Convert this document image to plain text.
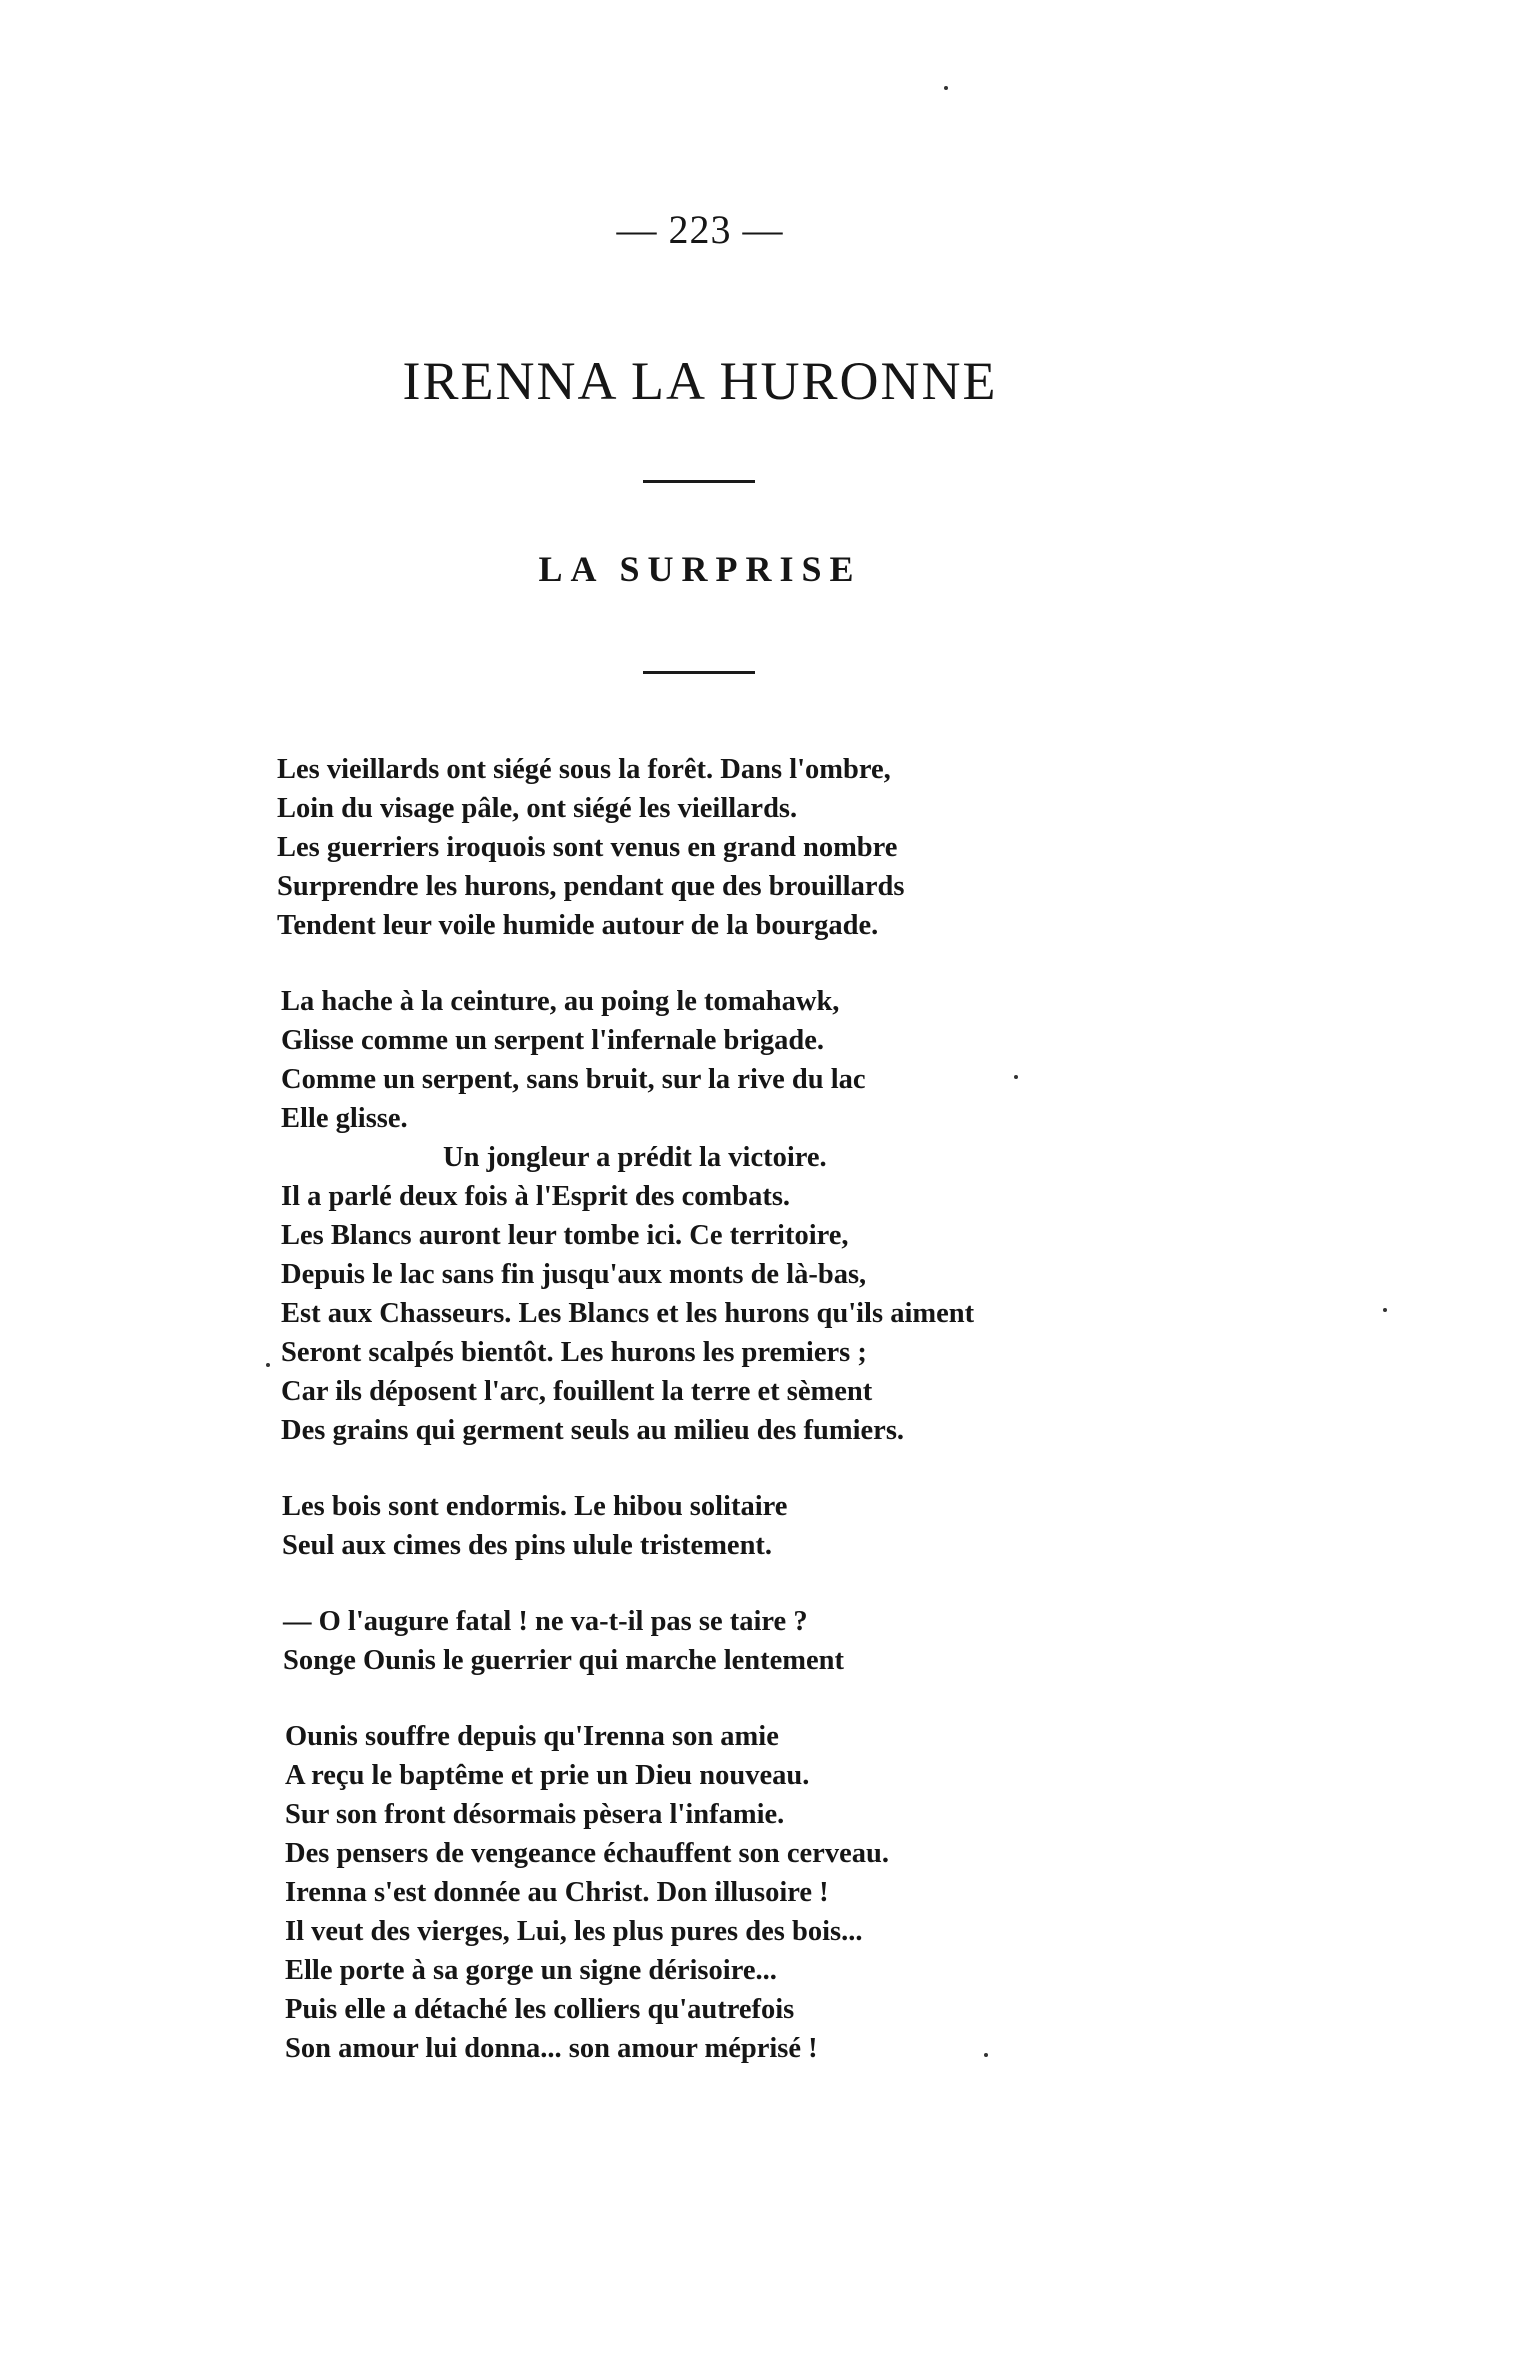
— 223 —
IRENNA LA HURONNE
LA SURPRISE
Les vieillards ont siégé sous la forêt. Dans l'ombre,
Loin du visage pâle, ont siégé les vieillards.
Les guerriers iroquois sont venus en grand nombre
Surprendre les hurons, pendant que des brouillards
Tendent leur voile humide autour de la bourgade.
La hache à la ceinture, au poing le tomahawk,
Glisse comme un serpent l'infernale brigade.
Comme un serpent, sans bruit, sur la rive du lac
Elle glisse.
Un jongleur a prédit la victoire.
Il a parlé deux fois à l'Esprit des combats.
Les Blancs auront leur tombe ici. Ce territoire,
Depuis le lac sans fin jusqu'aux monts de là-bas,
Est aux Chasseurs. Les Blancs et les hurons qu'ils aiment
Seront scalpés bientôt. Les hurons les premiers ;
Car ils déposent l'arc, fouillent la terre et sèment
Des grains qui germent seuls au milieu des fumiers.
Les bois sont endormis. Le hibou solitaire
Seul aux cimes des pins ulule tristement.
— O l'augure fatal ! ne va-t-il pas se taire ?
Songe Ounis le guerrier qui marche lentement
Ounis souffre depuis qu'Irenna son amie
A reçu le baptême et prie un Dieu nouveau.
Sur son front désormais pèsera l'infamie.
Des pensers de vengeance échauffent son cerveau.
Irenna s'est donnée au Christ. Don illusoire !
Il veut des vierges, Lui, les plus pures des bois...
Elle porte à sa gorge un signe dérisoire...
Puis elle a détaché les colliers qu'autrefois
Son amour lui donna... son amour méprisé !
